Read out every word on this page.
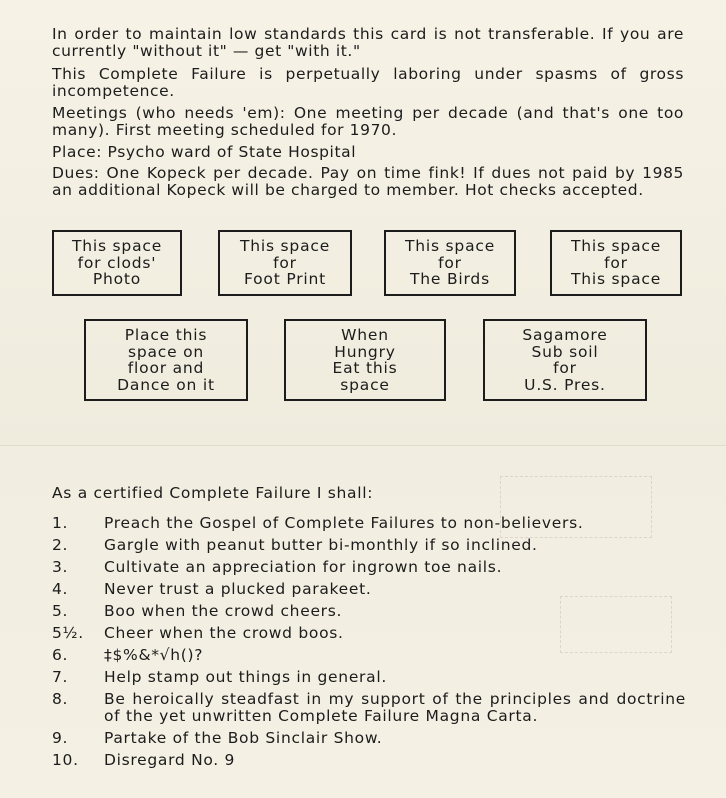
In order to maintain low standards this card is not transferable. If you are currently "without it" — get "with it."

This Complete Failure is perpetually laboring under spasms of gross incompetence.

Meetings (who needs 'em): One meeting per decade (and that's one too many). First meeting scheduled for 1970.

Place: Psycho ward of State Hospital

Dues: One Kopeck per decade. Pay on time fink! If dues not paid by 1985 an additional Kopeck will be charged to member. Hot checks accepted.

This space
for clods'
Photo
This space
for
Foot Print
This space
for
The Birds
This space
for
This space
Place this
space on
floor and
Dance on it
When
Hungry
Eat this
space
Sagamore
Sub soil
for
U.S. Pres.

As a certified Complete Failure I shall:

1.	Preach the Gospel of Complete Failures to non-believers.
2.	Gargle with peanut butter bi-monthly if so inclined.
3.	Cultivate an appreciation for ingrown toe nails.
4.	Never trust a plucked parakeet.
5.	Boo when the crowd cheers.
5½.	Cheer when the crowd boos.
6.	‡$%&*√h()?
7.	Help stamp out things in general.
8.	Be heroically steadfast in my support of the principles and doctrine of the yet unwritten Complete Failure Magna Carta.
9.	Partake of the Bob Sinclair Show.
10.	Disregard No. 9
